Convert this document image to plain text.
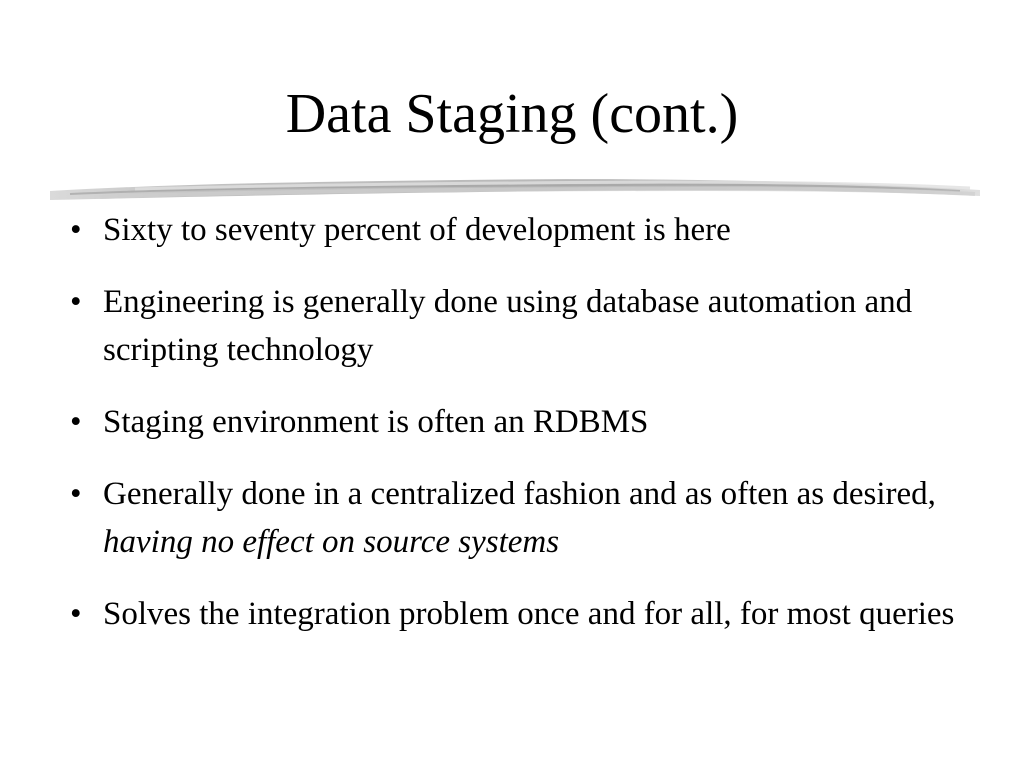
Data Staging (cont.)
• Sixty to seventy percent of development is here
• Engineering is generally done using database automation and scripting technology
• Staging environment is often an RDBMS
• Generally done in a centralized fashion and as often as desired, having no effect on source systems
• Solves the integration problem once and for all, for most queries
